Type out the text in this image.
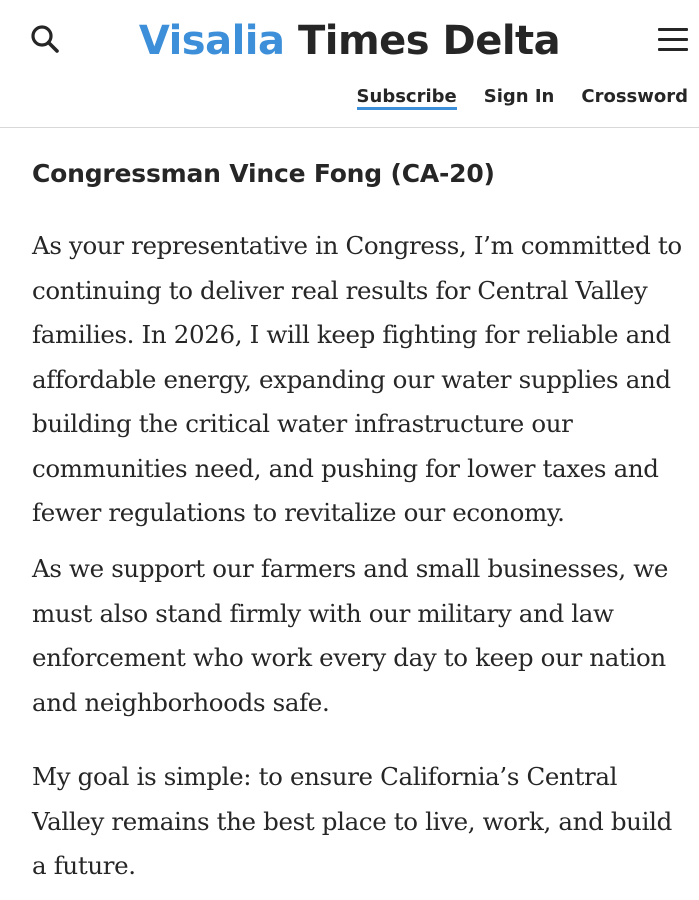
Visalia Times Delta
Subscribe Sign In Crossword
Congressman Vince Fong (CA-20)

As your representative in Congress, I’m committed to continuing to deliver real results for Central Valley families. In 2026, I will keep fighting for reliable and affordable energy, expanding our water supplies and building the critical water infrastructure our communities need, and pushing for lower taxes and fewer regulations to revitalize our economy.

As we support our farmers and small businesses, we must also stand firmly with our military and law enforcement who work every day to keep our nation and neighborhoods safe.

My goal is simple: to ensure California’s Central Valley remains the best place to live, work, and build a future.
